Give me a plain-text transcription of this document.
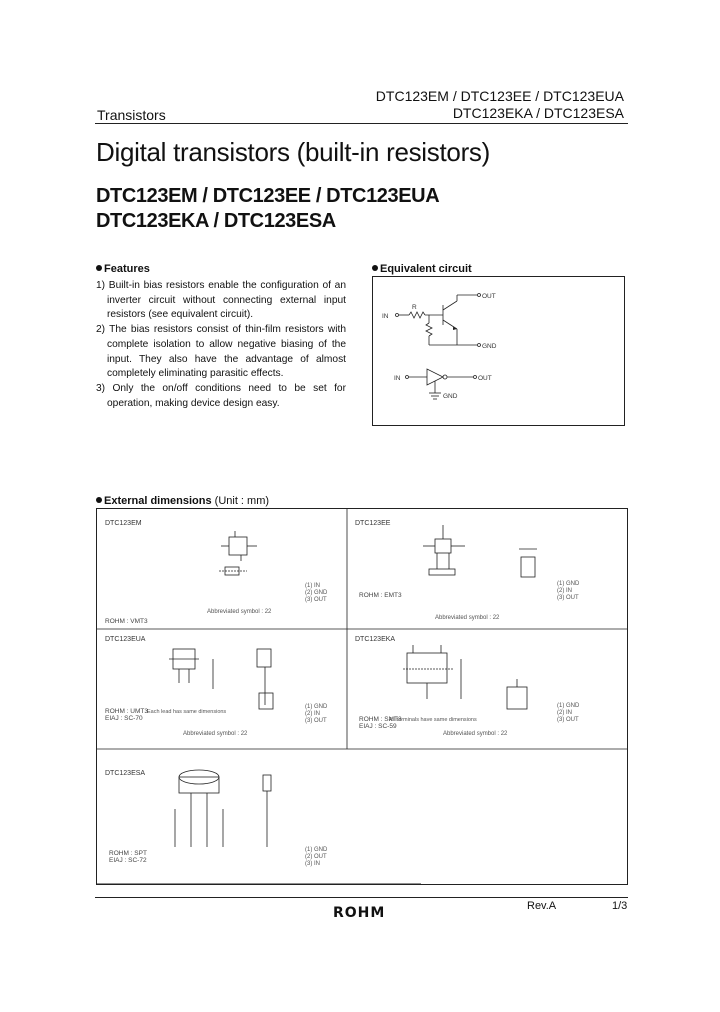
DTC123EM / DTC123EE / DTC123EUA
DTC123EKA / DTC123ESA
Transistors
Digital transistors (built-in resistors)
DTC123EM / DTC123EE / DTC123EUA
DTC123EKA / DTC123ESA
Features
1) Built-in bias resistors enable the configuration of an inverter circuit without connecting external input resistors (see equivalent circuit).
2) The bias resistors consist of thin-film resistors with complete isolation to allow negative biasing of the input. They also have the advantage of almost completely eliminating parasitic effects.
3) Only the on/off conditions need to be set for operation, making device design easy.
Equivalent circuit
IN
R
OUT
GND
IN	OUT
GND
External dimensions (Unit : mm)
DTC123EM
ROHM : VMT3
Abbreviated symbol : 22
(1) IN
(2) GND
(3) OUT
DTC123EE
ROHM : EMT3
Abbreviated symbol : 22
(1) GND
(2) IN
(3) OUT
DTC123EUA
ROHM : UMT3
EIAJ : SC-70
Each lead has same dimensions
Abbreviated symbol : 22
(1) GND
(2) IN
(3) OUT
DTC123EKA
ROHM : SMT3
EIAJ : SC-59
All terminals have same dimensions
Abbreviated symbol : 22
(1) GND
(2) IN
(3) OUT
DTC123ESA
ROHM : SPT
EIAJ : SC-72
(1) GND
(2) OUT
(3) IN
ROHM	Rev.A	1/3
